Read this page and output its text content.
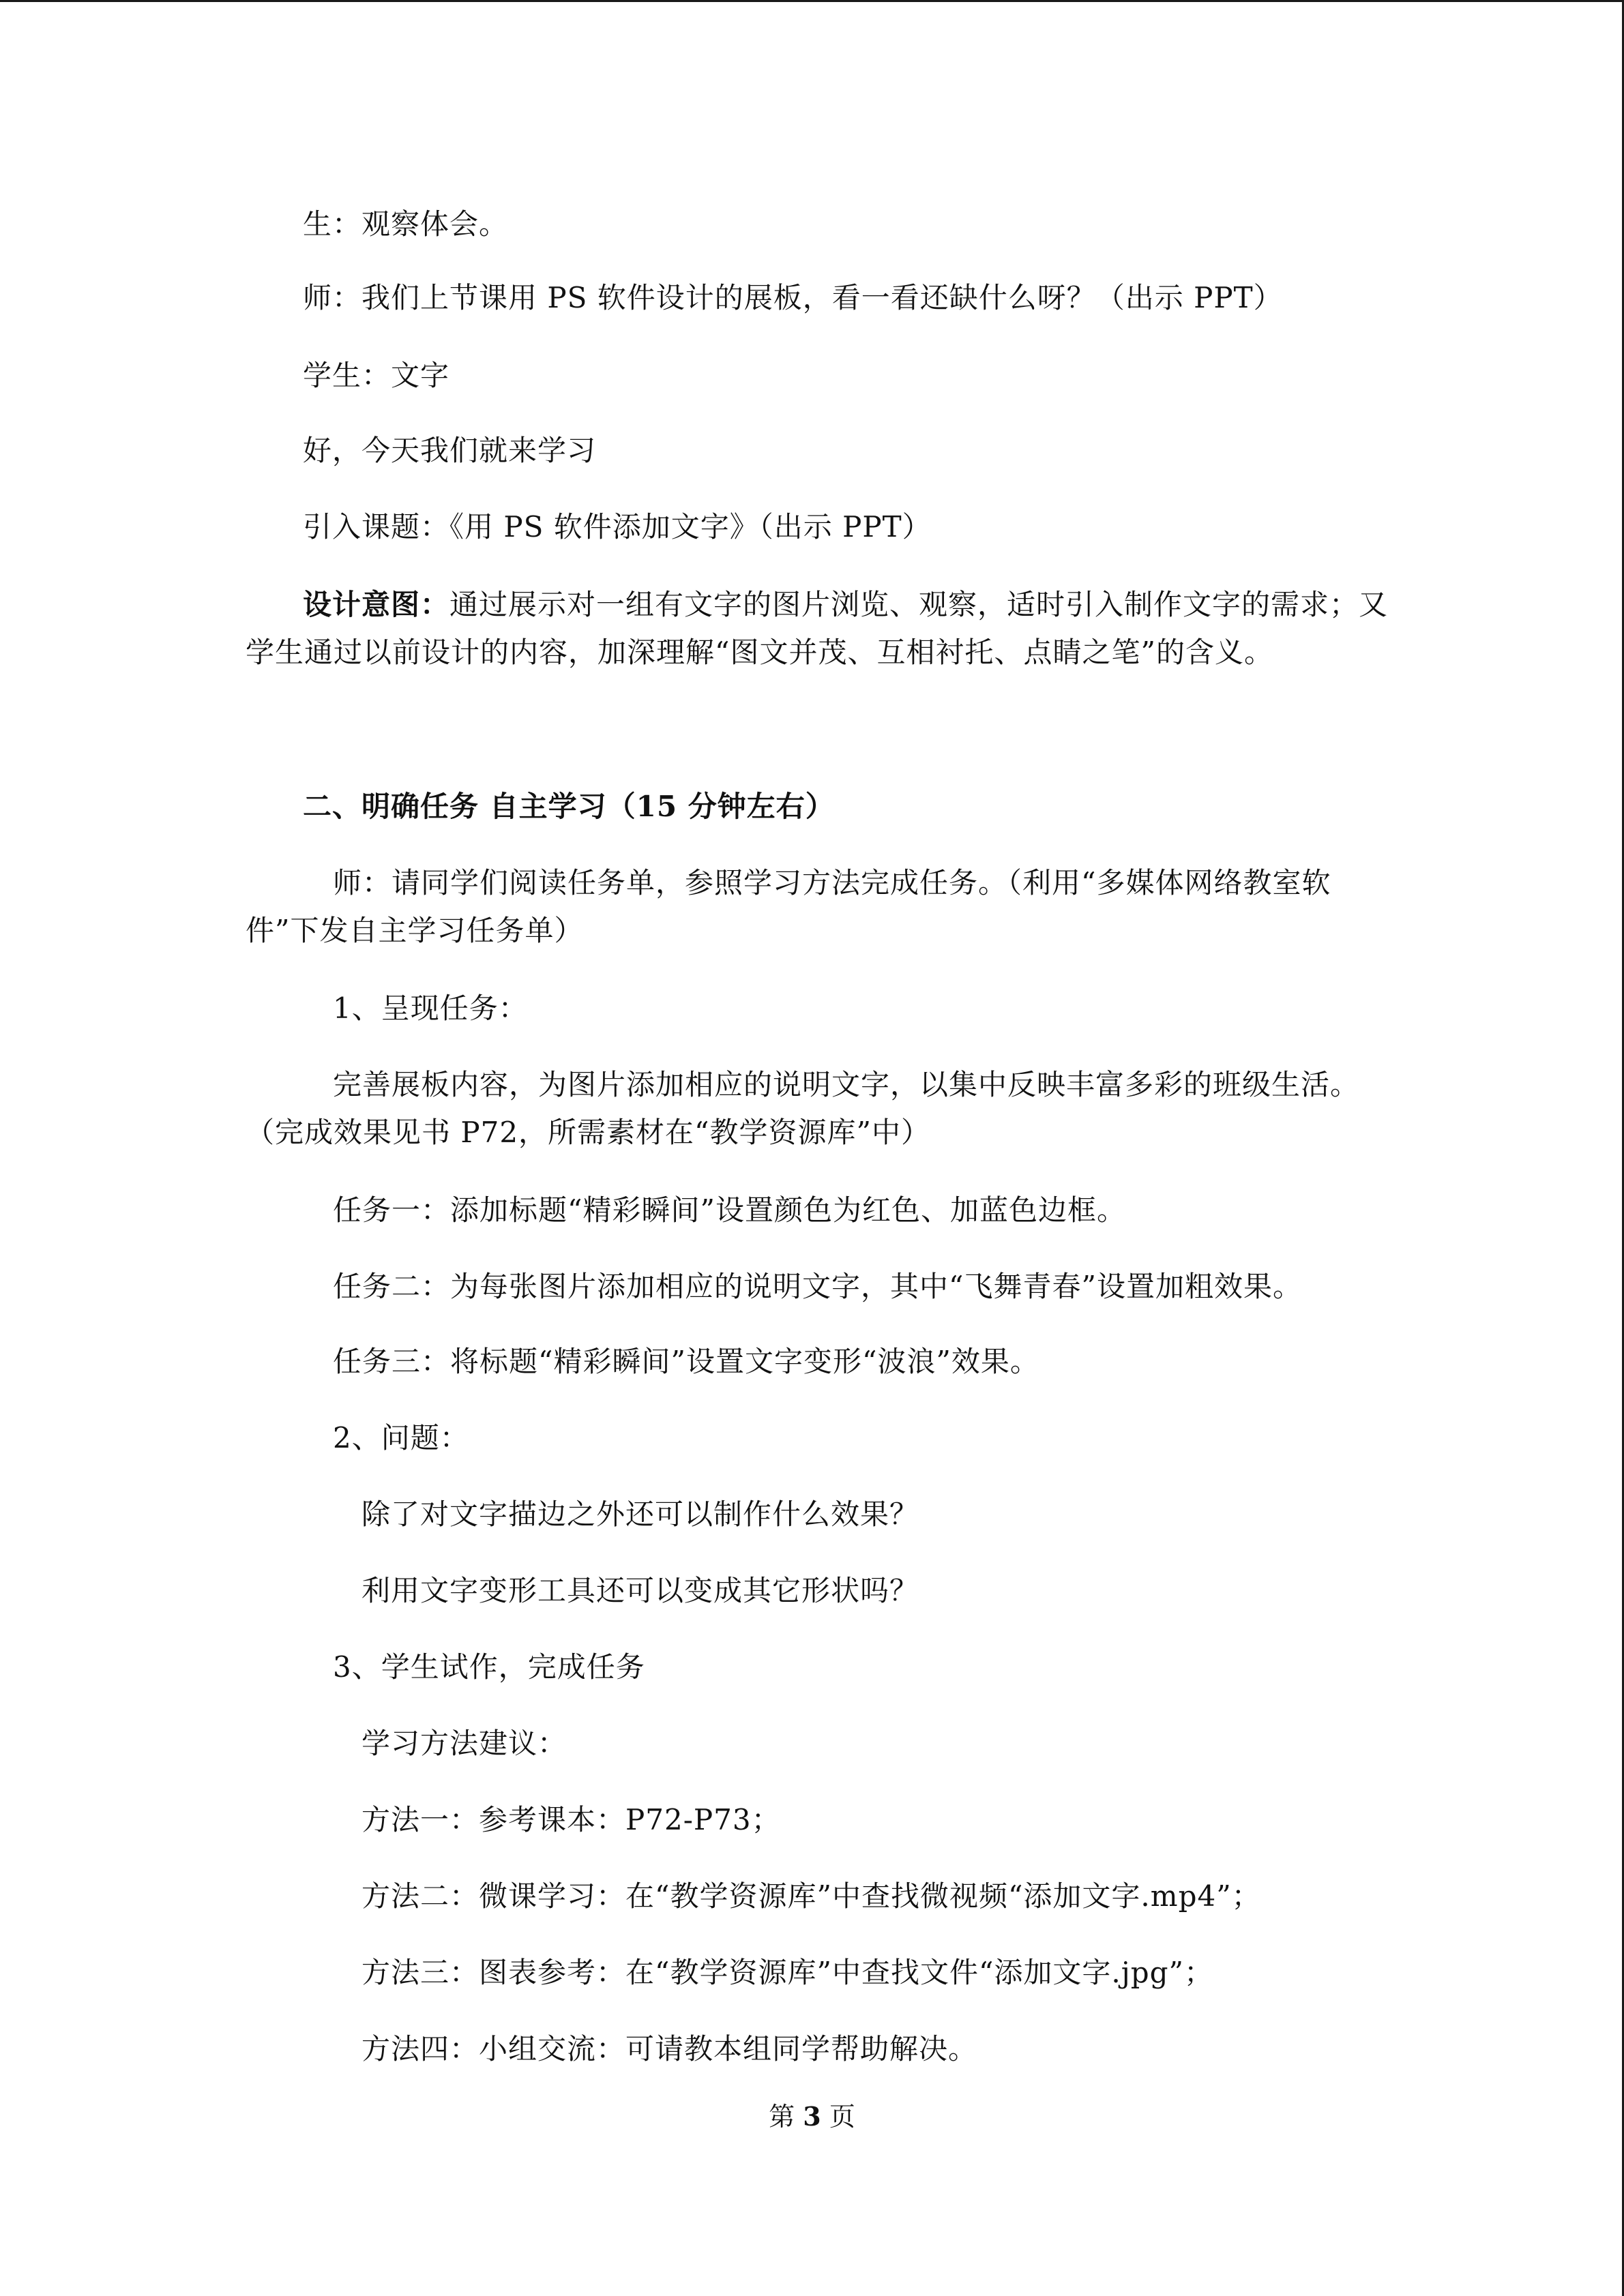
生：观察体会。
师：我们上节课用 PS 软件设计的展板，看一看还缺什么呀？（出示 PPT）
学生：文字
好，今天我们就来学习
引入课题：《用 PS 软件添加文字》（出示 PPT）
设计意图：通过展示对一组有文字的图片浏览、观察，适时引入制作文字的需求；又
学生通过以前设计的内容，加深理解“图文并茂、互相衬托、点睛之笔”的含义。
二、明确任务 自主学习（15 分钟左右）
师：请同学们阅读任务单，参照学习方法完成任务。（利用“多媒体网络教室软
件”下发自主学习任务单）
1、呈现任务：
完善展板内容，为图片添加相应的说明文字，以集中反映丰富多彩的班级生活。
（完成效果见书 P72，所需素材在“教学资源库”中）
任务一：添加标题“精彩瞬间”设置颜色为红色、加蓝色边框。
任务二：为每张图片添加相应的说明文字，其中“飞舞青春”设置加粗效果。
任务三：将标题“精彩瞬间”设置文字变形“波浪”效果。
2、问题：
除了对文字描边之外还可以制作什么效果？
利用文字变形工具还可以变成其它形状吗？
3、学生试作，完成任务
学习方法建议：
方法一：参考课本：P72-P73；
方法二：微课学习：在“教学资源库”中查找微视频“添加文字.mp4”；
方法三：图表参考：在“教学资源库”中查找文件“添加文字.jpg”；
方法四：小组交流：可请教本组同学帮助解决。
第 3 页
